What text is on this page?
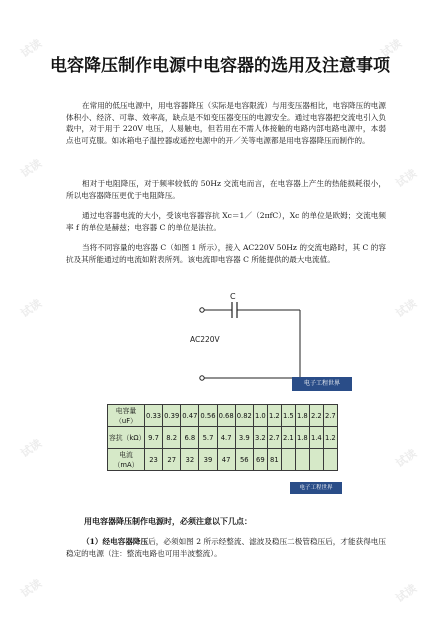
试读	试读
试读	试读
试读	试读
试读	试读
试读	试读
电容降压制作电源中电容器的选用及注意事项

在常用的低压电源中，用电容器降压（实际是电容限流）与用变压器相比，电容降压的电源体积小、经济、可靠、效率高，缺点是不如变压器变压的电源安全。通过电容器把交流电引入负载中，对于用于 220V 电压，人易触电，但若用在不需人体接触的电路内部电路电源中，本弱点也可克服。如冰箱电子温控器或遥控电源中的开／关等电源都是用电容器降压而制作的。

相对于电阻降压，对于频率较低的 50Hz 交流电而言，在电容器上产生的热能损耗很小，所以电容器降压更优于电阻降压。

通过电容器电流的大小，受该电容器容抗 Xc＝1／（2πfC），Xc 的单位是欧姆；交流电频率 f 的单位是赫兹；电容器 C 的单位是法拉。

当将不同容量的电容器 C（如图 1 所示），接入 AC220V 50Hz 的交流电路时，其 C 的容抗及其所能通过的电流如附表所列。该电流即电容器 C 所能提供的最大电流值。

C
AC220V
电子工程世界
电容量（uF）	0.33	0.39	0.47	0.56	0.68	0.82	1.0	1.2	1.5	1.8	2.2	2.7
容抗（kΩ）	9.7	8.2	6.8	5.7	4.7	3.9	3.2	2.7	2.1	1.8	1.4	1.2
电流（mA）	23	27	32	39	47	56	69	81				
电子工程世界
用电容器降压制作电源时，必须注意以下几点：

（1）经电容器降压后，必须如图 2 所示经整流、滤波及稳压二极管稳压后，才能获得电压稳定的电源（注：整流电路也可用半波整流）。
